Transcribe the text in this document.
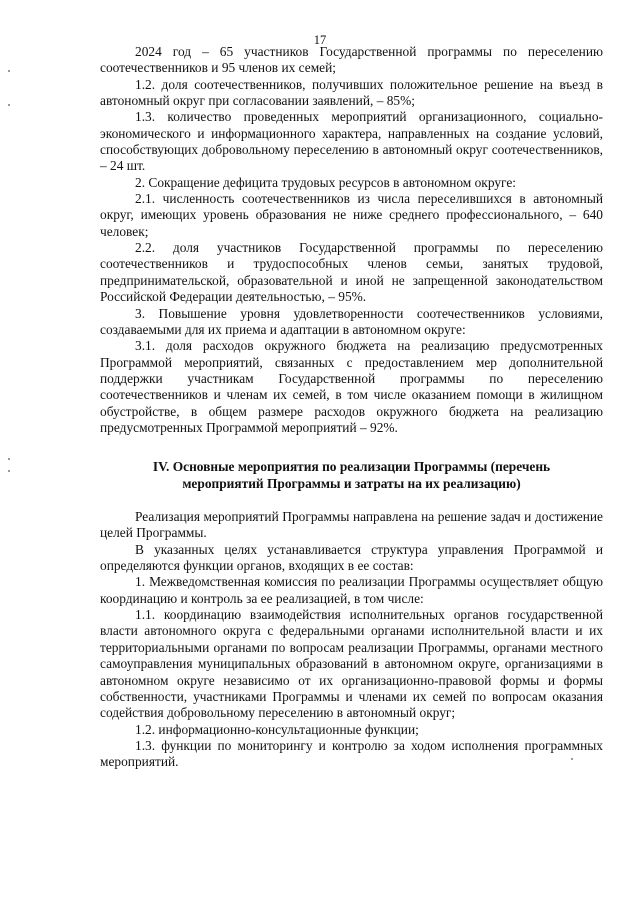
17

2024 год – 65 участников Государственной программы по переселению соотечественников и 95 членов их семей;

1.2. доля соотечественников, получивших положительное решение на въезд в автономный округ при согласовании заявлений, – 85%;

1.3. количество проведенных мероприятий организационного, социально-экономического и информационного характера, направленных на создание условий, способствующих добровольному переселению в автономный округ соотечественников, – 24 шт.

2. Сокращение дефицита трудовых ресурсов в автономном округе:

2.1. численность соотечественников из числа переселившихся в автономный округ, имеющих уровень образования не ниже среднего профессионального, – 640 человек;

2.2. доля участников Государственной программы по переселению соотечественников и трудоспособных членов семьи, занятых трудовой, предпринимательской, образовательной и иной не запрещенной законодательством Российской Федерации деятельностью, – 95%.

3. Повышение уровня удовлетворенности соотечественников условиями, создаваемыми для их приема и адаптации в автономном округе:

3.1. доля расходов окружного бюджета на реализацию предусмотренных Программой мероприятий, связанных с предоставлением мер дополнительной поддержки участникам Государственной программы по переселению соотечественников и членам их семей, в том числе оказанием помощи в жилищном обустройстве, в общем размере расходов окружного бюджета на реализацию предусмотренных Программой мероприятий – 92%.

IV. Основные мероприятия по реализации Программы (перечень
мероприятий Программы и затраты на их реализацию)

Реализация мероприятий Программы направлена на решение задач и достижение целей Программы.

В указанных целях устанавливается структура управления Программой и определяются функции органов, входящих в ее состав:

1. Межведомственная комиссия по реализации Программы осуществляет общую координацию и контроль за ее реализацией, в том числе:

1.1. координацию взаимодействия исполнительных органов государственной власти автономного округа с федеральными органами исполнительной власти и их территориальными органами по вопросам реализации Программы, органами местного самоуправления муниципальных образований в автономном округе, организациями в автономном округе независимо от их организационно-правовой формы и формы собственности, участниками Программы и членами их семей по вопросам оказания содействия добровольному переселению в автономный округ;

1.2. информационно-консультационные функции;

1.3. функции по мониторингу и контролю за ходом исполнения программных мероприятий.
